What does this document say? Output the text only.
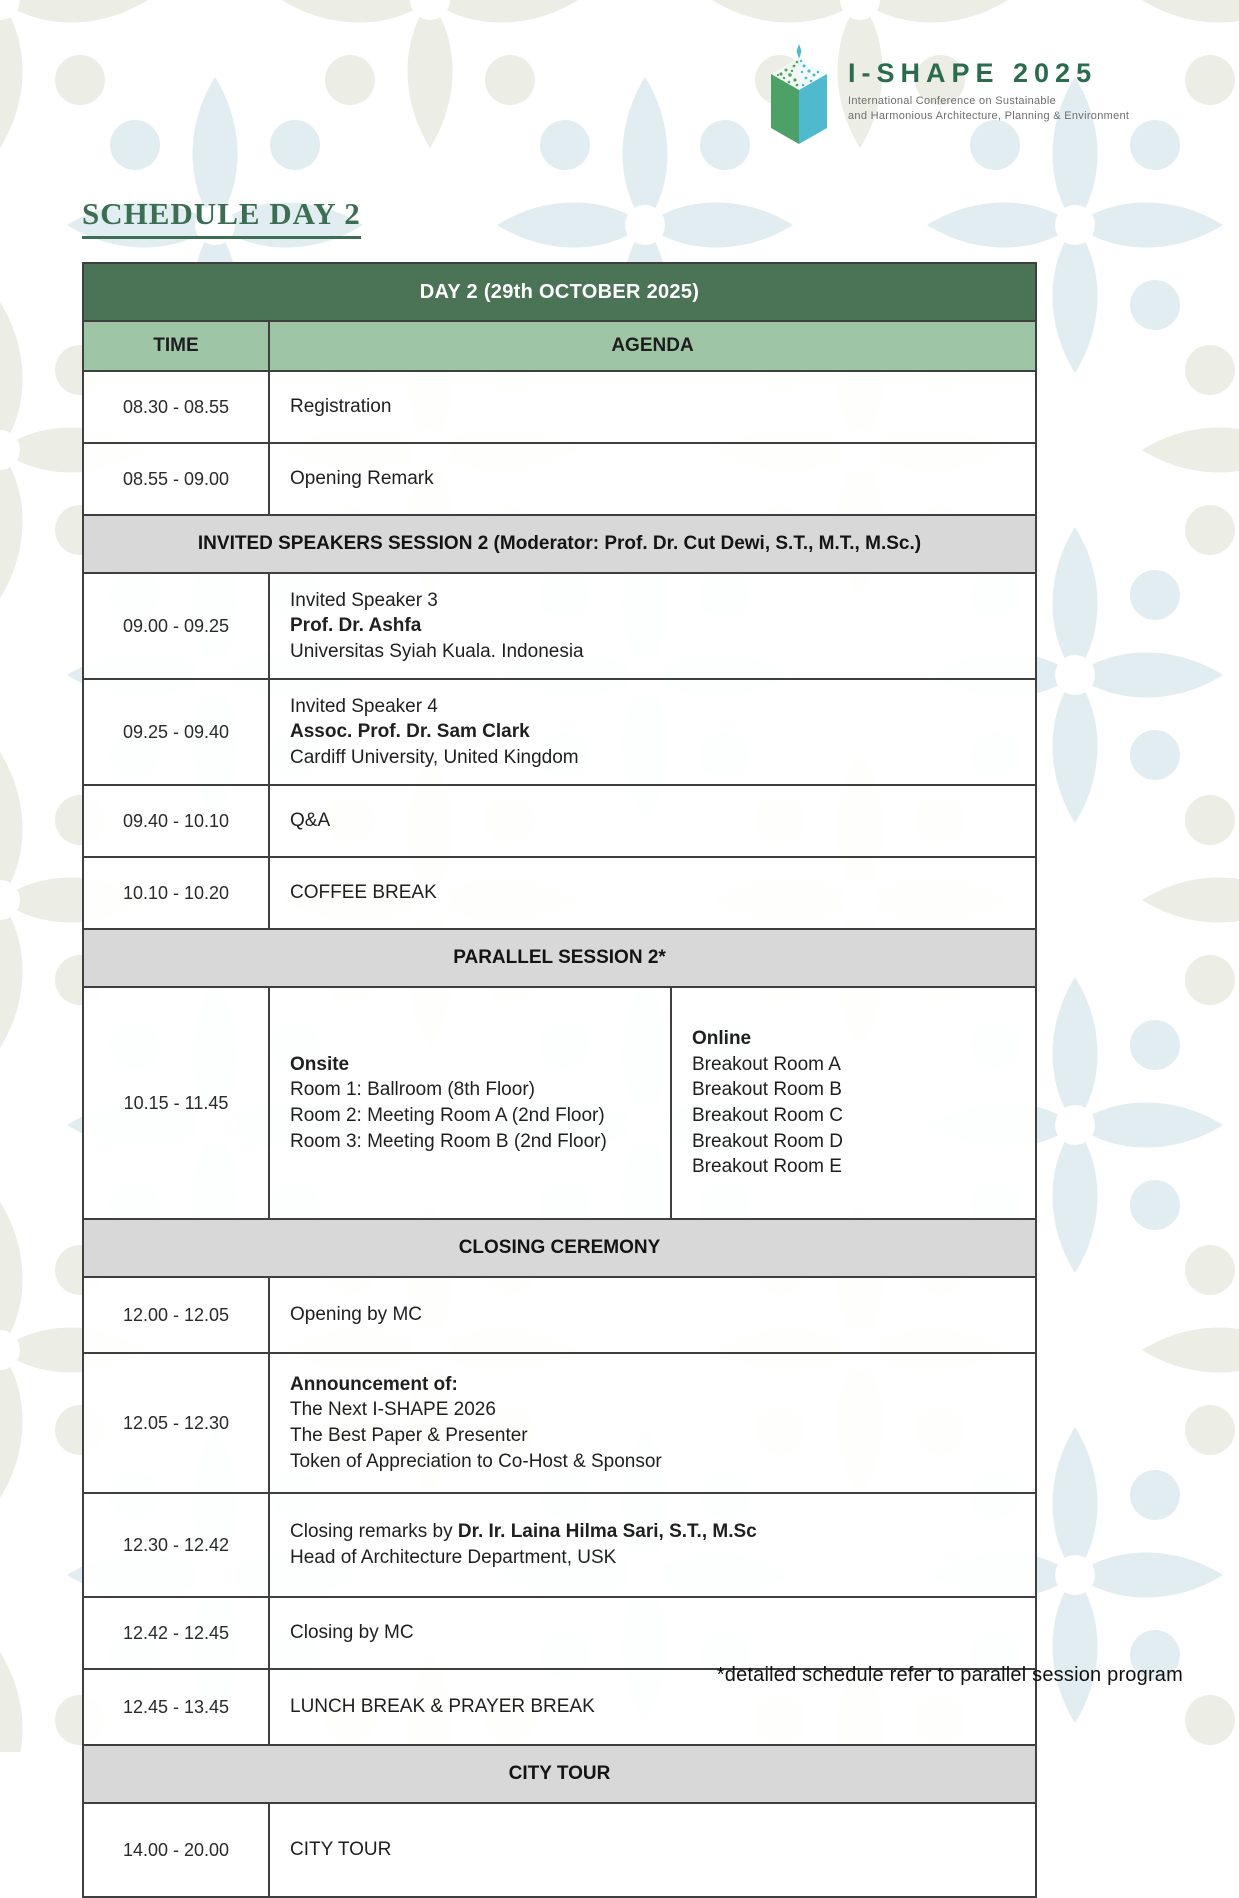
I-SHAPE 2025
International Conference on Sustainable
and Harmonious Architecture, Planning & Environment
SCHEDULE DAY 2
DAY 2 (29th OCTOBER 2025)	
TIME	AGENDA
08.30 - 08.55	Registration

08.55 - 09.00	Opening Remark

INVITED SPEAKERS SESSION 2 (Moderator: Prof. Dr. Cut Dewi, S.T., M.T., M.Sc.)	
09.00 - 09.25	Invited Speaker 3
Prof. Dr. Ashfa
Universitas Syiah Kuala. Indonesia

09.25 - 09.40	Invited Speaker 4
Assoc. Prof. Dr. Sam Clark
Cardiff University, United Kingdom

09.40 - 10.10	Q&A

10.10 - 10.20	COFFEE BREAK

PARALLEL SESSION 2*	
10.15 - 11.45	
Onsite
Room 1: Ballroom (8th Floor)
Room 2: Meeting Room A (2nd Floor)
Room 3: Meeting Room B (2nd Floor)
Online
Breakout Room A
Breakout Room B
Breakout Room C
Breakout Room D
Breakout Room E

CLOSING CEREMONY	
12.00 - 12.05	Opening by MC

12.05 - 12.30	Announcement of:
The Next I-SHAPE 2026
The Best Paper & Presenter
Token of Appreciation to Co-Host & Sponsor

12.30 - 12.42	Closing remarks by Dr. Ir. Laina Hilma Sari, S.T., M.Sc
Head of Architecture Department, USK

12.42 - 12.45	Closing by MC

12.45 - 13.45	LUNCH BREAK & PRAYER BREAK

CITY TOUR	
14.00 - 20.00	CITY TOUR
*detailed schedule refer to parallel session program
